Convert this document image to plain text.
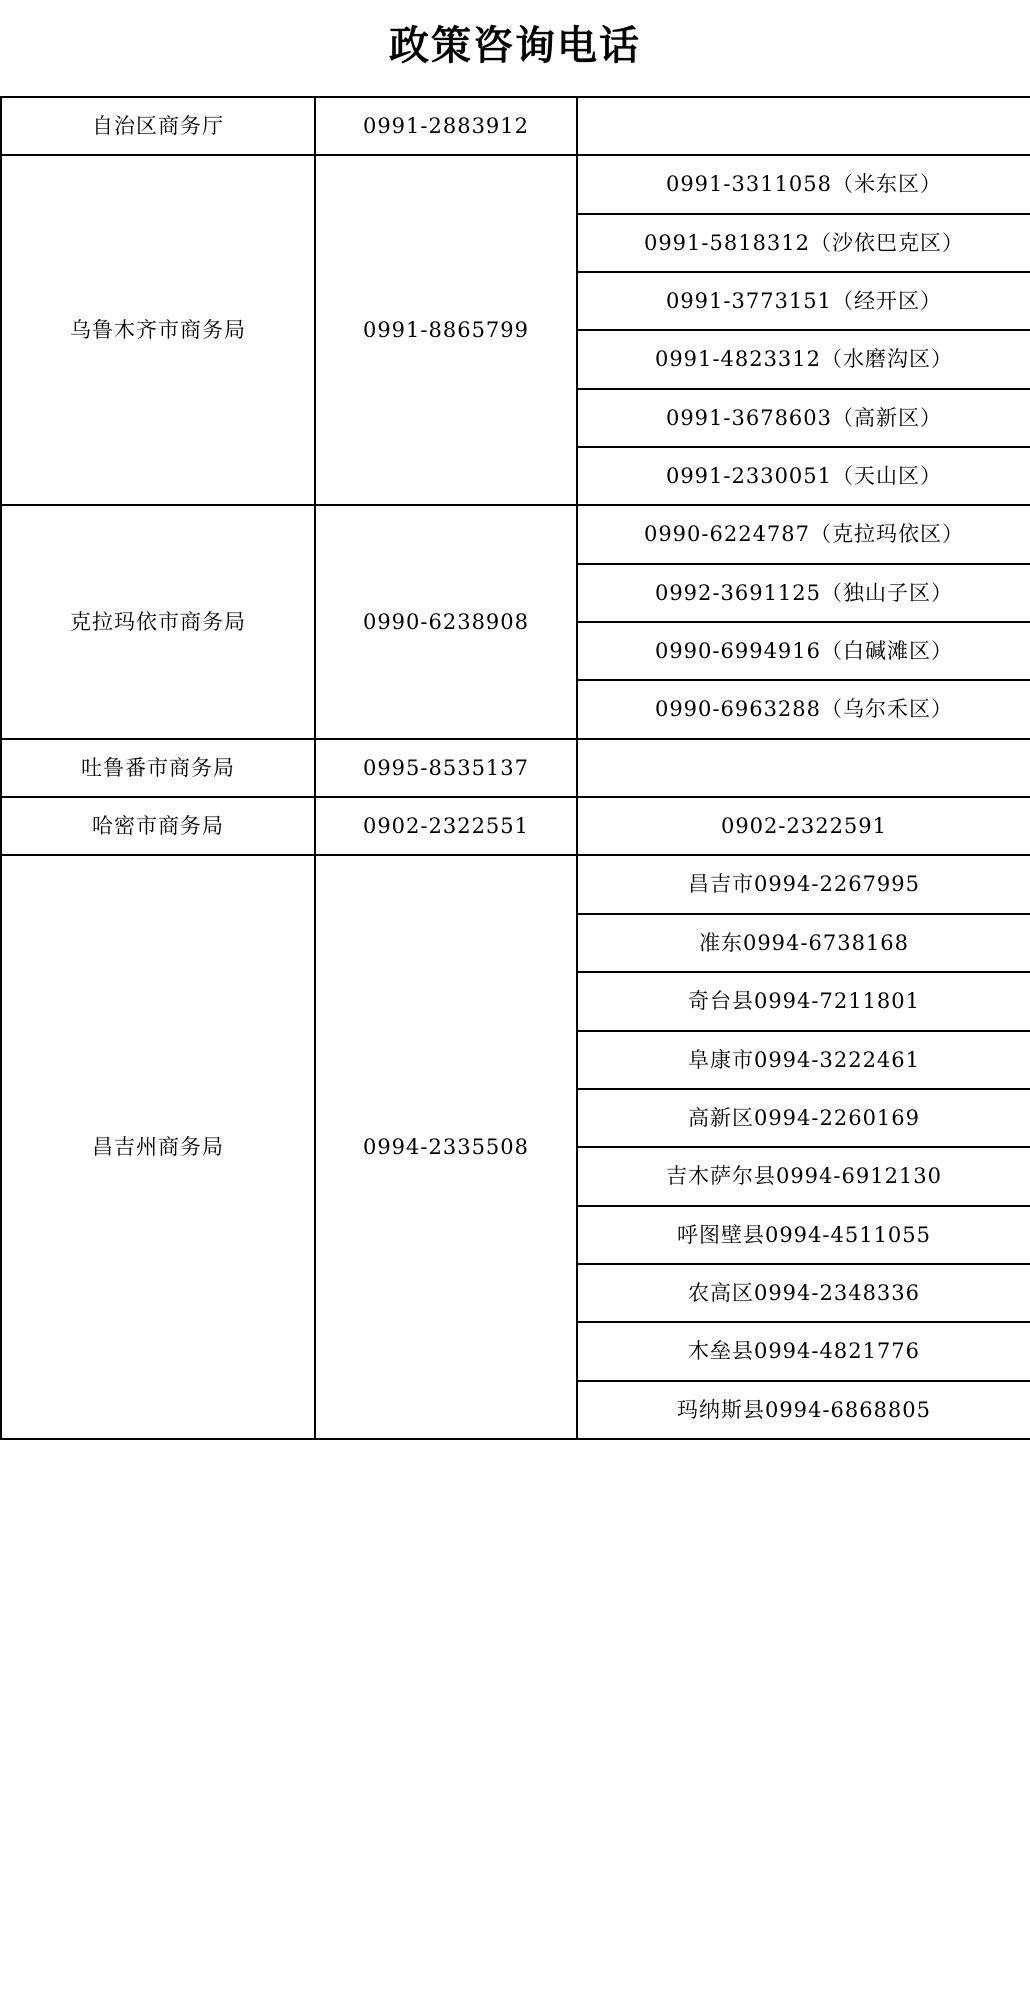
政策咨询电话
自治区商务厅	0991-2883912	
乌鲁木齐市商务局	0991-8865799	0991-3311058（米东区）
		0991-5818312（沙依巴克区）
		0991-3773151（经开区）
		0991-4823312（水磨沟区）
		0991-3678603（高新区）
		0991-2330051（天山区）
克拉玛依市商务局	0990-6238908	0990-6224787（克拉玛依区）
		0992-3691125（独山子区）
		0990-6994916（白碱滩区）
		0990-6963288（乌尔禾区）
吐鲁番市商务局	0995-8535137	
哈密市商务局	0902-2322551	0902-2322591
昌吉州商务局	0994-2335508	昌吉市0994-2267995
		准东0994-6738168
		奇台县0994-7211801
		阜康市0994-3222461
		高新区0994-2260169
		吉木萨尔县0994-6912130
		呼图壁县0994-4511055
		农高区0994-2348336
		木垒县0994-4821776
		玛纳斯县0994-6868805
